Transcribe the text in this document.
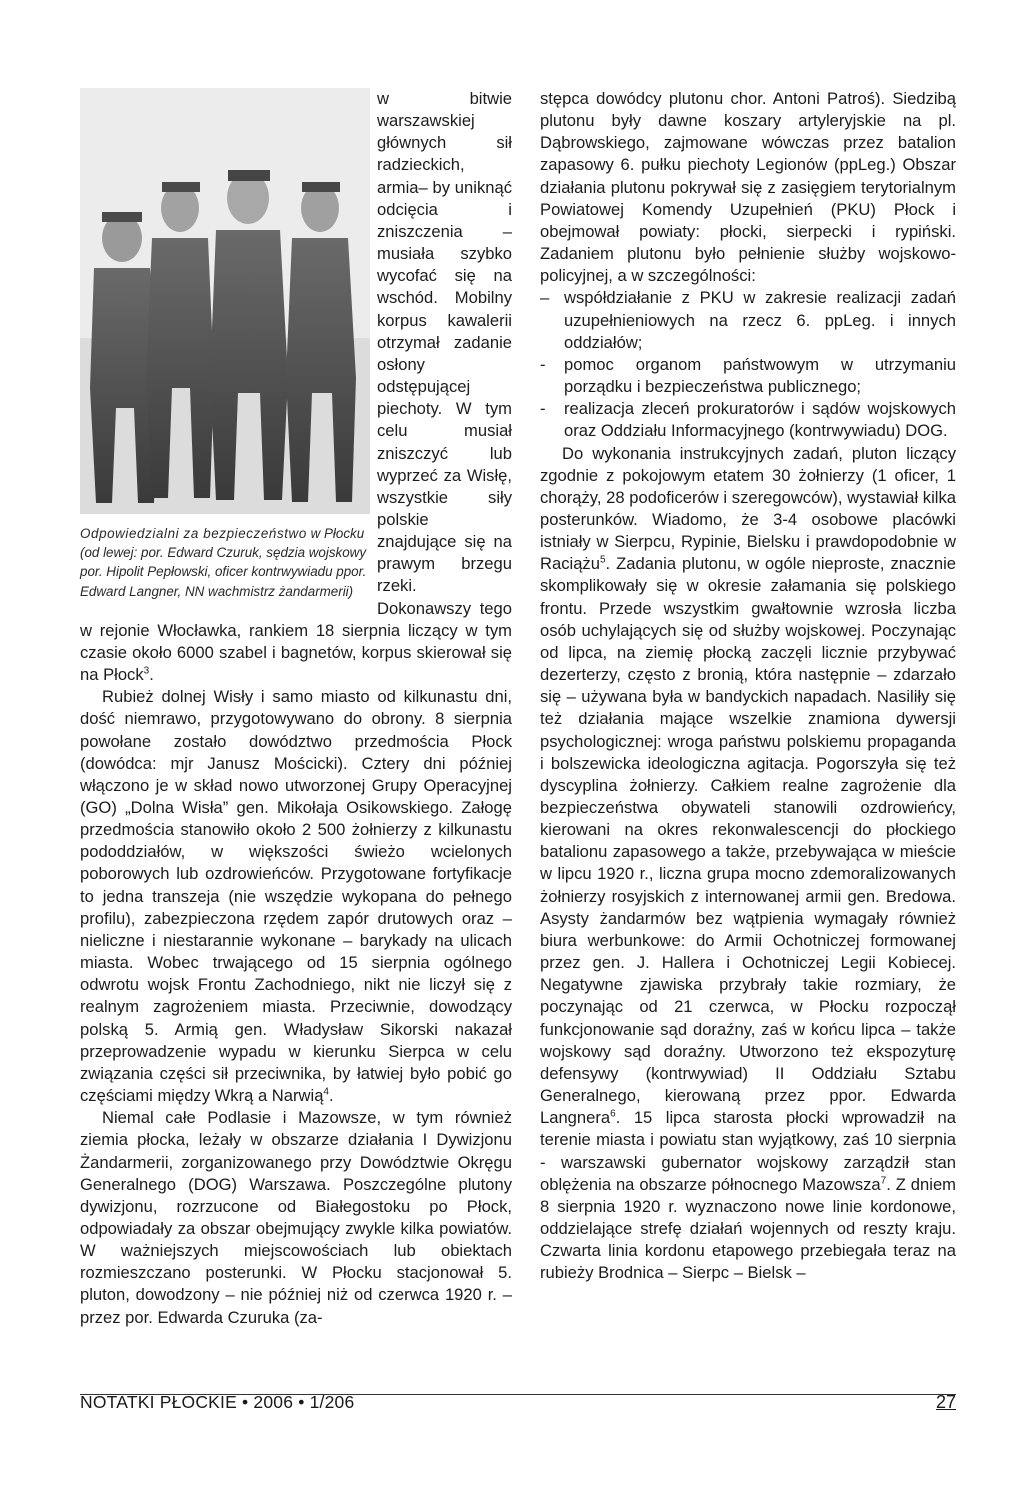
Odpowiedzialni za bezpieczeństwo w Płocku (od lewej: por. Edward Czuruk, sędzia wojskowy por. Hipolit Pepłowski, oficer kontrwywiadu ppor. Edward Langner, NN wachmistrz żandarmerii)

w bitwie warszawskiej głównych sił radzieckich, armia– by uniknąć odcięcia i zniszczenia – musiała szybko wycofać się na wschód. Mobilny korpus kawalerii otrzymał zadanie osłony odstępującej piechoty. W tym celu musiał zniszczyć lub wyprzeć za Wisłę, wszystkie siły polskie znajdujące się na prawym brzegu rzeki. Dokonawszy tego w rejonie Włocławka, rankiem 18 sierpnia liczący w tym czasie około 6000 szabel i bagnetów, korpus skierował się na Płock$^3$.

Rubież dolnej Wisły i samo miasto od kilkunastu dni, dość niemrawo, przygotowywano do obrony. 8 sierpnia powołane zostało dowództwo przedmościa Płock (dowódca: mjr Janusz Mościcki). Cztery dni później włączono je w skład nowo utworzonej Grupy Operacyjnej (GO) „Dolna Wisła” gen. Mikołaja Osikowskiego. Załogę przedmościa stanowiło około 2 500 żołnierzy z kilkunastu pododdziałów, w większości świeżo wcielonych poborowych lub ozdrowieńców. Przygotowane fortyfikacje to jedna transzeja (nie wszędzie wykopana do pełnego profilu), zabezpieczona rzędem zapór drutowych oraz – nieliczne i niestarannie wykonane – barykady na ulicach miasta. Wobec trwającego od 15 sierpnia ogólnego odwrotu wojsk Frontu Zachodniego, nikt nie liczył się z realnym zagrożeniem miasta. Przeciwnie, dowodzący polską 5. Armią gen. Władysław Sikorski nakazał przeprowadzenie wypadu w kierunku Sierpca w celu związania części sił przeciwnika, by łatwiej było pobić go częściami między Wkrą a Narwią$^4$.

Niemal całe Podlasie i Mazowsze, w tym również ziemia płocka, leżały w obszarze działania I Dywizjonu Żandarmerii, zorganizowanego przy Dowództwie Okręgu Generalnego (DOG) Warszawa. Poszczególne plutony dywizjonu, rozrzucone od Białegostoku po Płock, odpowiadały za obszar obejmujący zwykle kilka powiatów. W ważniejszych miejscowościach lub obiektach rozmieszczano posterunki. W Płocku stacjonował 5. pluton, dowodzony – nie później niż od czerwca 1920 r. – przez por. Edwarda Czuruka (za-

stępca dowódcy plutonu chor. Antoni Patroś). Siedzibą plutonu były dawne koszary artyleryjskie na pl. Dąbrowskiego, zajmowane wówczas przez batalion zapasowy 6. pułku piechoty Legionów (ppLeg.) Obszar działania plutonu pokrywał się z zasięgiem terytorialnym Powiatowej Komendy Uzupełnień (PKU) Płock i obejmował powiaty: płocki, sierpecki i rypiński. Zadaniem plutonu było pełnienie służby wojskowo-policyjnej, a w szczególności:

– współdziałanie z PKU w zakresie realizacji zadań uzupełnieniowych na rzecz 6. ppLeg. i innych oddziałów;
- pomoc organom państwowym w utrzymaniu porządku i bezpieczeństwa publicznego;
- realizacja zleceń prokuratorów i sądów wojskowych oraz Oddziału Informacyjnego (kontrwywiadu) DOG.

Do wykonania instrukcyjnych zadań, pluton liczący zgodnie z pokojowym etatem 30 żołnierzy (1 oficer, 1 chorąży, 28 podoficerów i szeregowców), wystawiał kilka posterunków. Wiadomo, że 3-4 osobowe placówki istniały w Sierpcu, Rypinie, Bielsku i prawdopodobnie w Raciążu$^5$. Zadania plutonu, w ogóle nieproste, znacznie skomplikowały się w okresie załamania się polskiego frontu. Przede wszystkim gwałtownie wzrosła liczba osób uchylających się od służby wojskowej. Poczynając od lipca, na ziemię płocką zaczęli licznie przybywać dezerterzy, często z bronią, która następnie – zdarzało się – używana była w bandyckich napadach. Nasiliły się też działania mające wszelkie znamiona dywersji psychologicznej: wroga państwu polskiemu propaganda i bolszewicka ideologiczna agitacja. Pogorszyła się też dyscyplina żołnierzy. Całkiem realne zagrożenie dla bezpieczeństwa obywateli stanowili ozdrowieńcy, kierowani na okres rekonwalescencji do płockiego batalionu zapasowego a także, przebywająca w mieście w lipcu 1920 r., liczna grupa mocno zdemoralizowanych żołnierzy rosyjskich z internowanej armii gen. Bredowa. Asysty żandarmów bez wątpienia wymagały również biura werbunkowe: do Armii Ochotniczej formowanej przez gen. J. Hallera i Ochotniczej Legii Kobiecej. Negatywne zjawiska przybrały takie rozmiary, że poczynając od 21 czerwca, w Płocku rozpoczął funkcjonowanie sąd doraźny, zaś w końcu lipca – także wojskowy sąd doraźny. Utworzono też ekspozyturę defensywy (kontrwywiad) II Oddziału Sztabu Generalnego, kierowaną przez ppor. Edwarda Langnera$^6$. 15 lipca starosta płocki wprowadził na terenie miasta i powiatu stan wyjątkowy, zaś 10 sierpnia - warszawski gubernator wojskowy zarządził stan oblężenia na obszarze północnego Mazowsza$^7$. Z dniem 8 sierpnia 1920 r. wyznaczono nowe linie kordonowe, oddzielające strefę działań wojennych od reszty kraju. Czwarta linia kordonu etapowego przebiegała teraz na rubieży Brodnica – Sierpc – Bielsk –

NOTATKI PŁOCKIE • 2006 • 1/206	27
